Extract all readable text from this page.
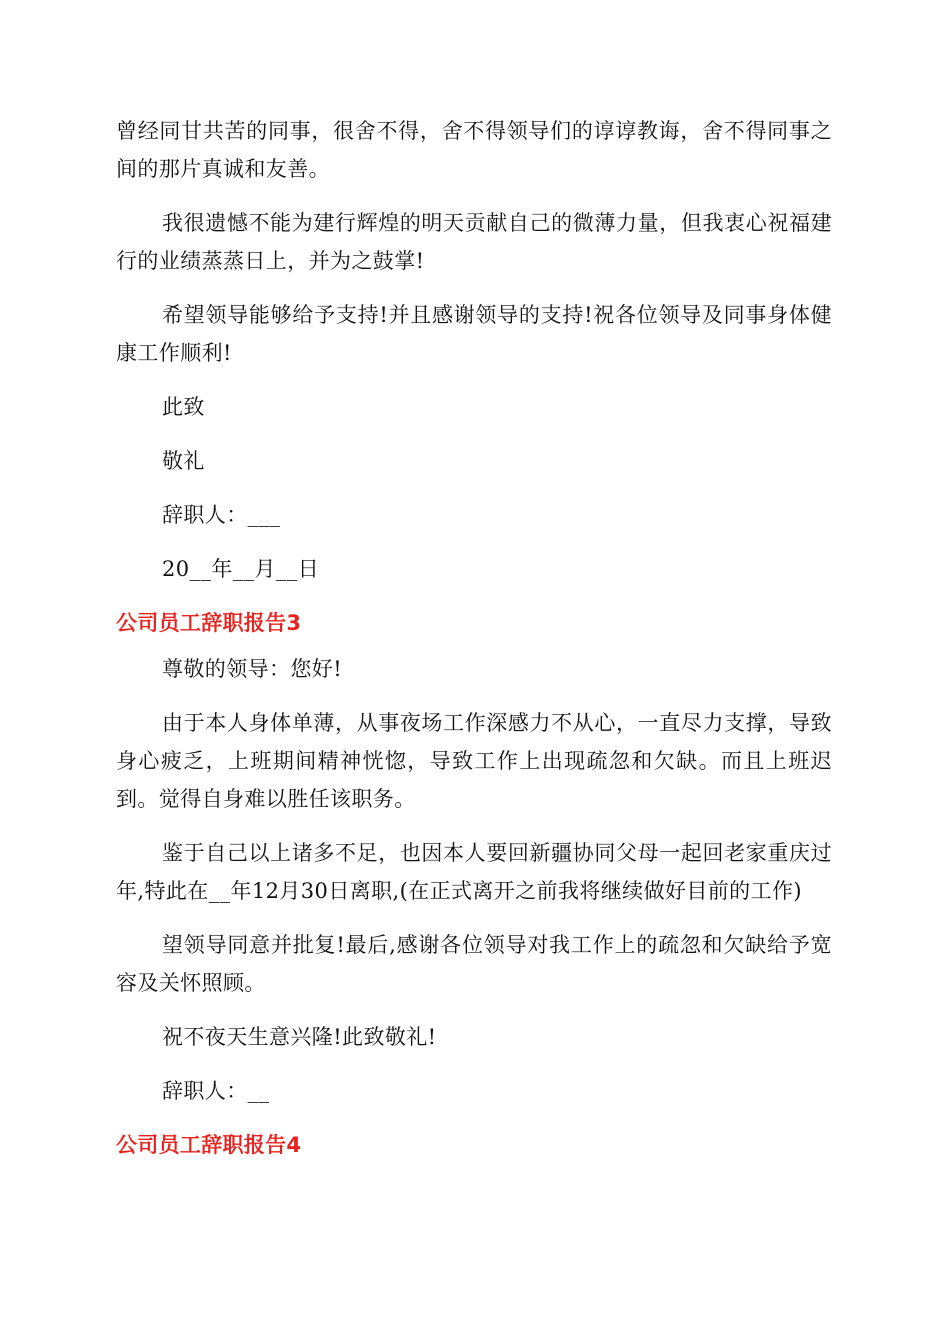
曾经同甘共苦的同事，很舍不得，舍不得领导们的谆谆教诲，舍不得同事之间的那片真诚和友善。

我很遗憾不能为建行辉煌的明天贡献自己的微薄力量，但我衷心祝福建行的业绩蒸蒸日上，并为之鼓掌!

希望领导能够给予支持!并且感谢领导的支持!祝各位领导及同事身体健康工作顺利!

此致

敬礼

辞职人：___

20__年__月__日

公司员工辞职报告3

尊敬的领导：您好!

由于本人身体单薄，从事夜场工作深感力不从心，一直尽力支撑，导致身心疲乏，上班期间精神恍惚，导致工作上出现疏忽和欠缺。而且上班迟到。觉得自身难以胜任该职务。

鉴于自己以上诸多不足，也因本人要回新疆协同父母一起回老家重庆过年,特此在__年12月30日离职,(在正式离开之前我将继续做好目前的工作)

望领导同意并批复!最后,感谢各位领导对我工作上的疏忽和欠缺给予宽容及关怀照顾。

祝不夜天生意兴隆!此致敬礼!

辞职人：__

公司员工辞职报告4
